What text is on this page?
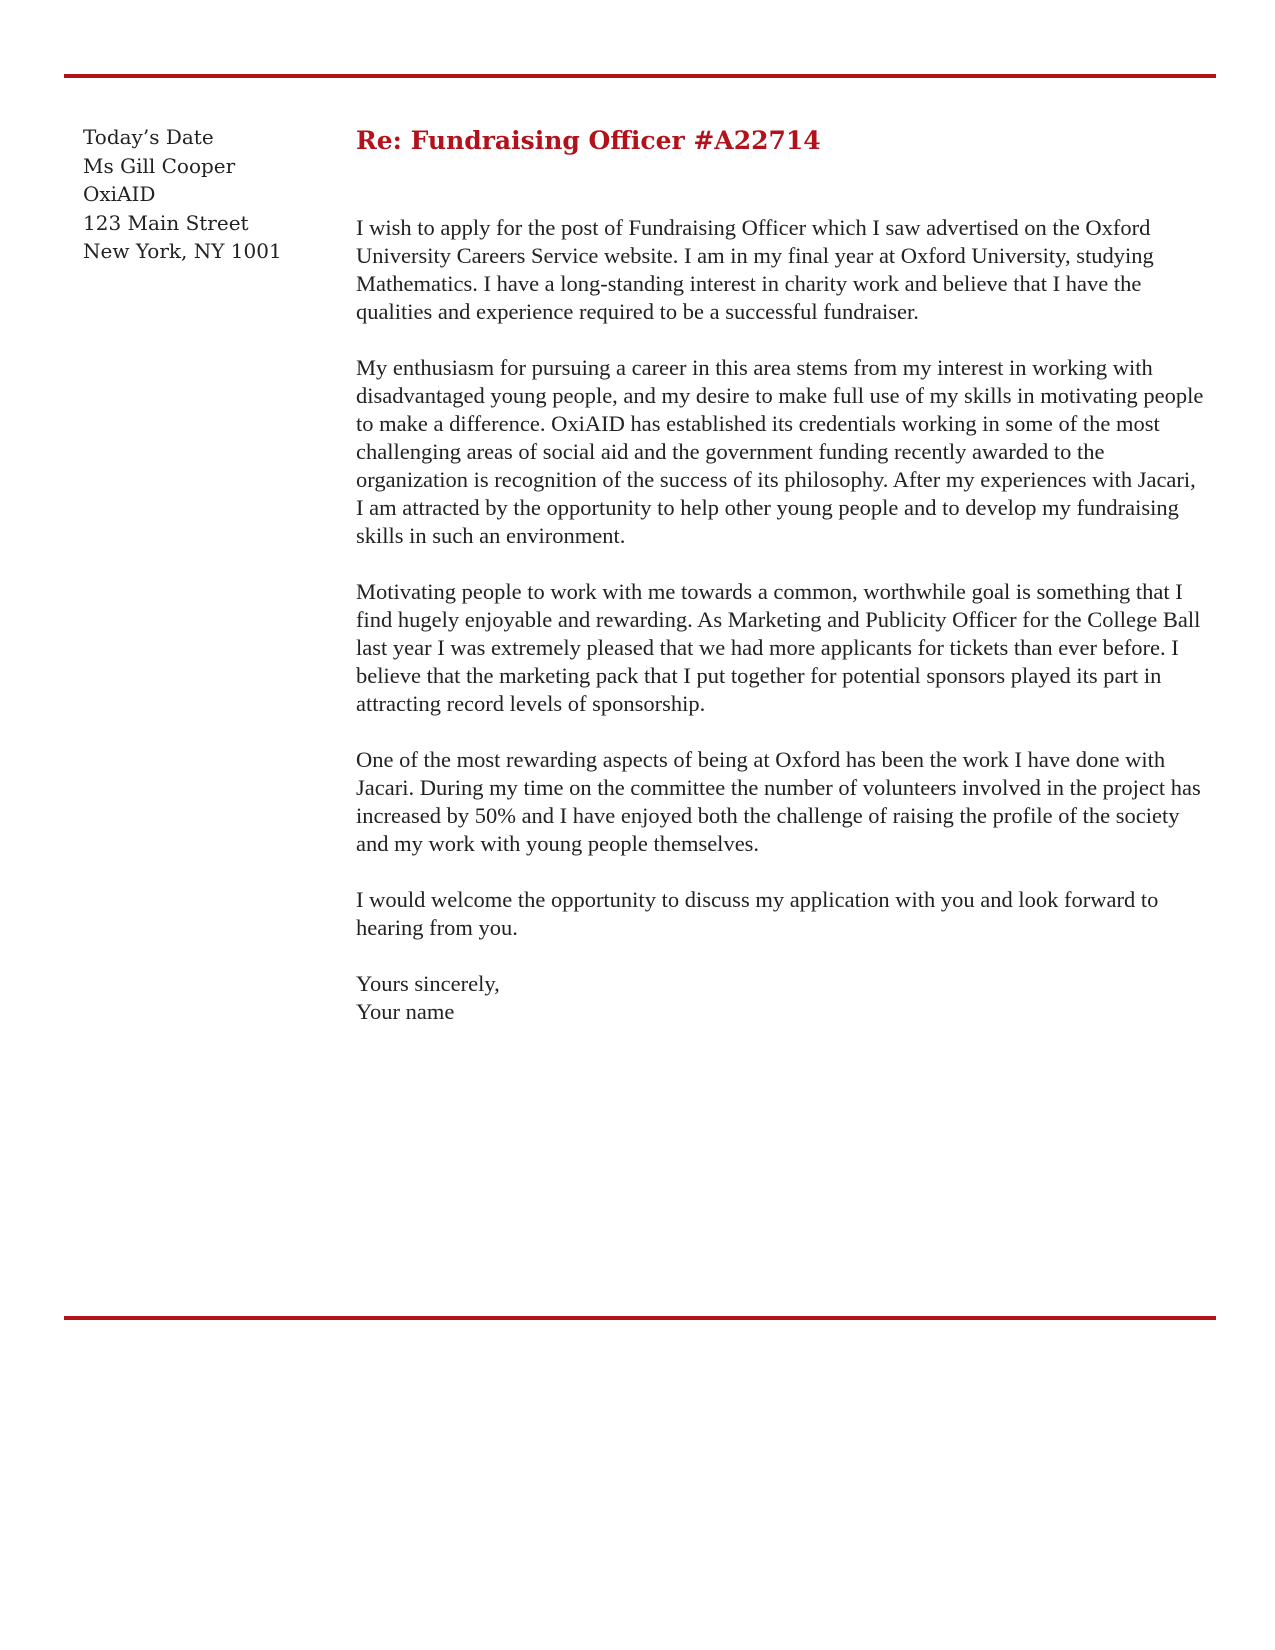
Today’s Date
Ms Gill Cooper
OxiAID
123 Main Street
New York, NY 1001
Re: Fundraising Officer #A22714

I wish to apply for the post of Fundraising Officer which I saw advertised on the Oxford University Careers Service website. I am in my final year at Oxford University, studying Mathematics. I have a long-standing interest in charity work and believe that I have the qualities and experience required to be a successful fundraiser.

My enthusiasm for pursuing a career in this area stems from my interest in working with disadvantaged young people, and my desire to make full use of my skills in motivating people to make a difference. OxiAID has established its credentials working in some of the most challenging areas of social aid and the government funding recently awarded to the organization is recognition of the success of its philosophy. After my experiences with Jacari, I am attracted by the opportunity to help other young people and to develop my fundraising skills in such an environment.

Motivating people to work with me towards a common, worthwhile goal is something that I find hugely enjoyable and rewarding. As Marketing and Publicity Officer for the College Ball last year I was extremely pleased that we had more applicants for tickets than ever before. I believe that the marketing pack that I put together for potential sponsors played its part in attracting record levels of sponsorship.

One of the most rewarding aspects of being at Oxford has been the work I have done with Jacari. During my time on the committee the number of volunteers involved in the project has increased by 50% and I have enjoyed both the challenge of raising the profile of the society and my work with young people themselves.

I would welcome the opportunity to discuss my application with you and look forward to hearing from you.

Yours sincerely,
Your name
